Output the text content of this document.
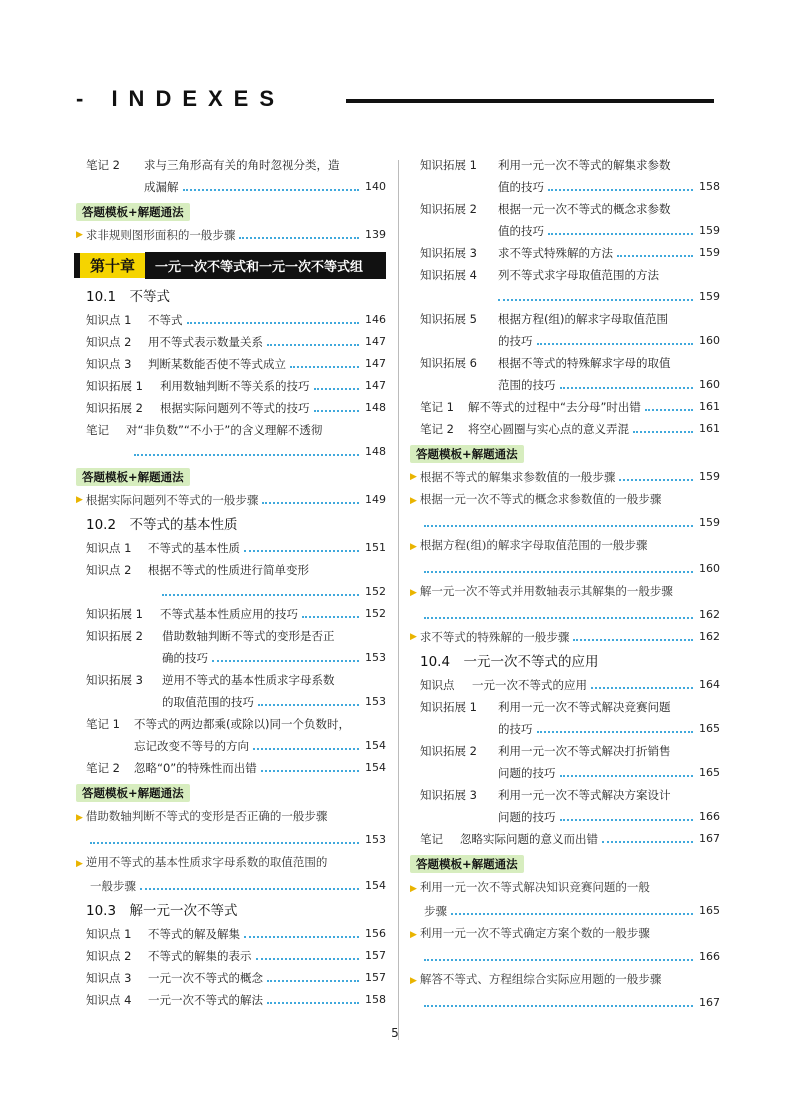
- INDEXES
笔记 2	求与三角形高有关的角时忽视分类，造
成漏解	140
答题模板+解题通法
▶ 求非规则图形面积的一般步骤	139
第十章	一元一次不等式和一元一次不等式组
10.1　不等式
知识点 1	不等式	146
知识点 2	用不等式表示数量关系	147
知识点 3	判断某数能否使不等式成立	147
知识拓展 1	利用数轴判断不等关系的技巧	147
知识拓展 2	根据实际问题列不等式的技巧	148
笔记	对“非负数”“不小于”的含义理解不透彻
148
答题模板+解题通法
▶ 根据实际问题列不等式的一般步骤	149
10.2　不等式的基本性质
知识点 1	不等式的基本性质	151
知识点 2	根据不等式的性质进行简单变形
152
知识拓展 1	不等式基本性质应用的技巧	152
知识拓展 2	借助数轴判断不等式的变形是否正
确的技巧	153
知识拓展 3	逆用不等式的基本性质求字母系数
的取值范围的技巧	153
笔记 1	不等式的两边都乘(或除以)同一个负数时，
忘记改变不等号的方向	154
笔记 2	忽略“0”的特殊性而出错	154
答题模板+解题通法
▶ 借助数轴判断不等式的变形是否正确的一般步骤
153
▶ 逆用不等式的基本性质求字母系数的取值范围的
一般步骤	154
10.3　解一元一次不等式
知识点 1	不等式的解及解集	156
知识点 2	不等式的解集的表示	157
知识点 3	一元一次不等式的概念	157
知识点 4	一元一次不等式的解法	158
知识拓展 1	利用一元一次不等式的解集求参数
值的技巧	158
知识拓展 2	根据一元一次不等式的概念求参数
值的技巧	159
知识拓展 3	求不等式特殊解的方法	159
知识拓展 4	列不等式求字母取值范围的方法
159
知识拓展 5	根据方程(组)的解求字母取值范围
的技巧	160
知识拓展 6	根据不等式的特殊解求字母的取值
范围的技巧	160
笔记 1	解不等式的过程中“去分母”时出错	161
笔记 2	将空心圆圈与实心点的意义弄混	161
答题模板+解题通法
▶ 根据不等式的解集求参数值的一般步骤	159
▶ 根据一元一次不等式的概念求参数值的一般步骤
159
▶ 根据方程(组)的解求字母取值范围的一般步骤
160
▶ 解一元一次不等式并用数轴表示其解集的一般步骤
162
▶ 求不等式的特殊解的一般步骤	162
10.4　一元一次不等式的应用
知识点	一元一次不等式的应用	164
知识拓展 1	利用一元一次不等式解决竞赛问题
的技巧	165
知识拓展 2	利用一元一次不等式解决打折销售
问题的技巧	165
知识拓展 3	利用一元一次不等式解决方案设计
问题的技巧	166
笔记	忽略实际问题的意义而出错	167
答题模板+解题通法
▶ 利用一元一次不等式解决知识竞赛问题的一般
步骤	165
▶ 利用一元一次不等式确定方案个数的一般步骤
166
▶ 解答不等式、方程组综合实际应用题的一般步骤
167
5
